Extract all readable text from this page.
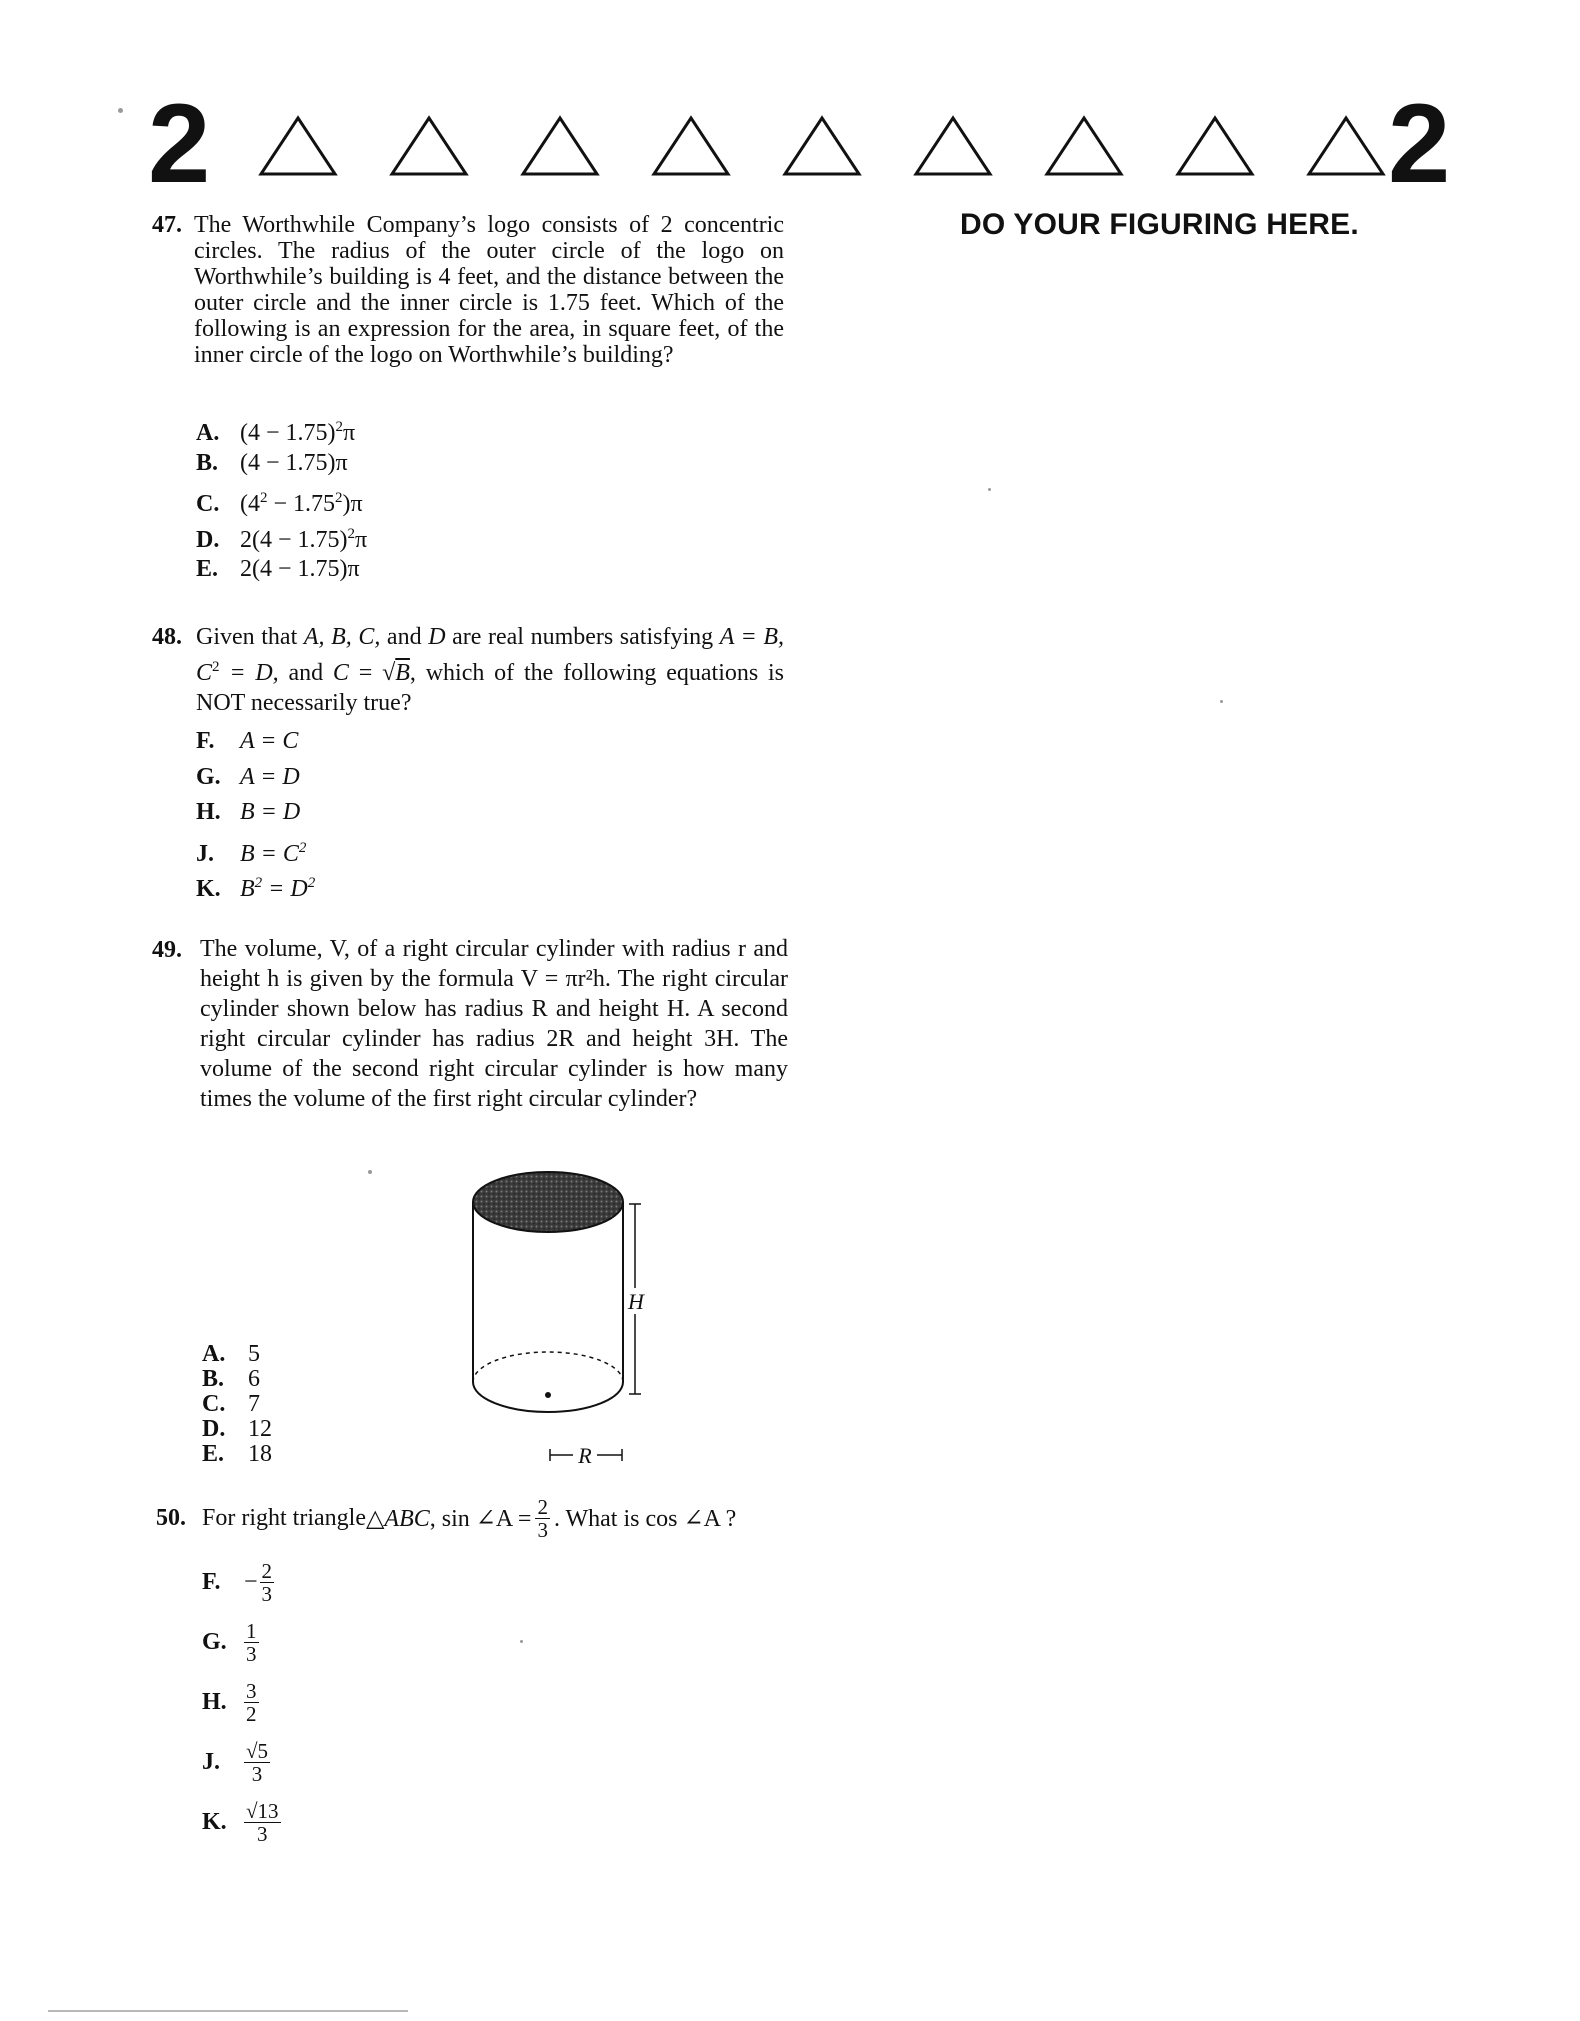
2	2
DO YOUR FIGURING HERE.
47. The Worthwhile Company’s logo consists of 2 concentric circles. The radius of the outer circle of the logo on Worthwhile’s building is 4 feet, and the distance between the outer circle and the inner circle is 1.75 feet. Which of the following is an expression for the area, in square feet, of the inner circle of the logo on Worthwhile’s building?
A. $(4 - 1.75)^2\pi$
B. (4 − 1.75)π
C. $(4^2 - 1.75^2)\pi$
D. $2(4 - 1.75)^2\pi$
E. 2(4 − 1.75)π
48. Given that A, B, C, and D are real numbers satisfying A = B, $C^2 = D$, and C = √B, which of the following equations is NOT necessarily true?
F. A = C
G. A = D
H. B = D
J. $B = C^2$
K. $B^2 = D^2$
49. The volume, V, of a right circular cylinder with radius r and height h is given by the formula V = πr²h. The right circular cylinder shown below has radius R and height H. A second right circular cylinder has radius 2R and height 3H. The volume of the second right circular cylinder is how many times the volume of the first right circular cylinder?
H
R
A. 5
B. 6
C. 7
D. 12
E. 18
50. For right triangle △ABC , sin ∠A = $\frac{2}{3}$ . What is cos ∠A ?
F. − $\frac{2}{3}$
G. $\frac{1}{3}$
H. $\frac{3}{2}$
J.	$\frac{√5}{3}$
K. $\frac{√13}{3}$
